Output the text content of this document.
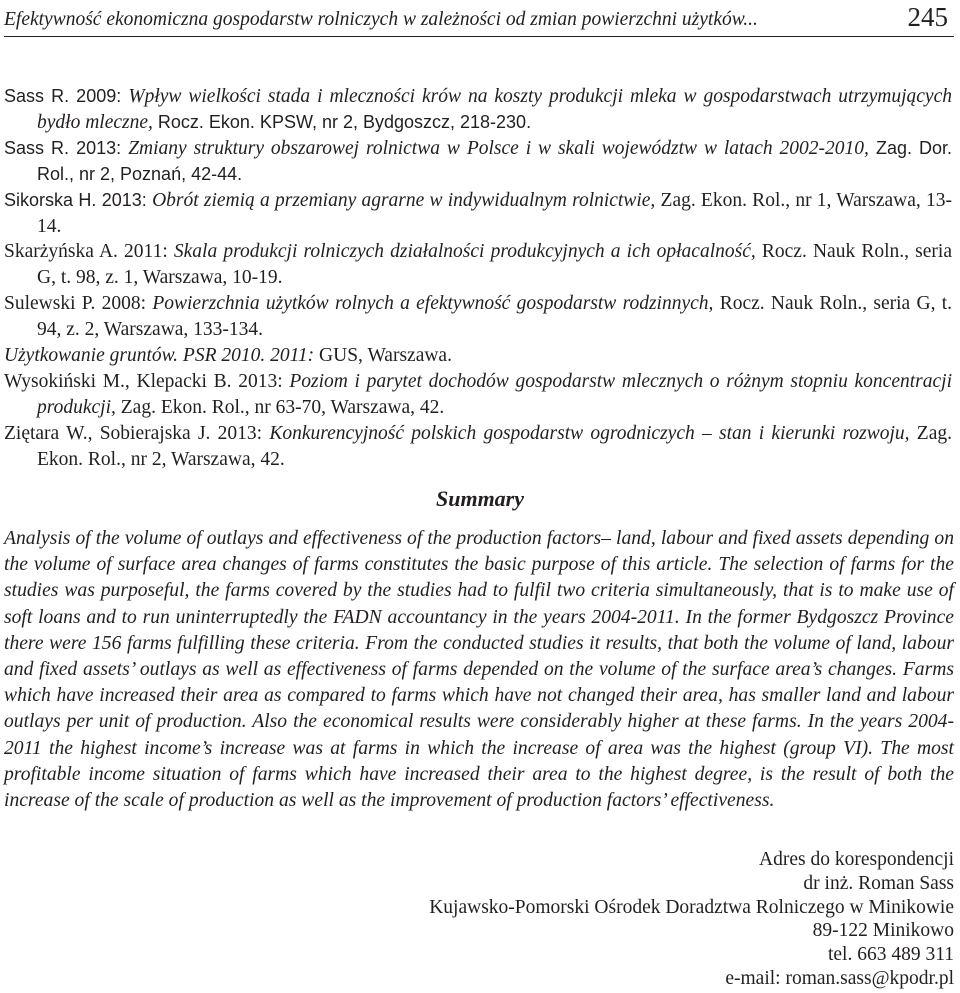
Efektywność ekonomiczna gospodarstw rolniczych w zależności od zmian powierzchni użytków...	245
Sass R. 2009: Wpływ wielkości stada i mleczności krów na koszty produkcji mleka w gospodarstwach utrzymujących bydło mleczne, Rocz. Ekon. KPSW, nr 2, Bydgoszcz, 218-230.
Sass R. 2013: Zmiany struktury obszarowej rolnictwa w Polsce i w skali województw w latach 2002-2010, Zag. Dor. Rol., nr 2, Poznań, 42-44.
Sikorska H. 2013: Obrót ziemią a przemiany agrarne w indywidualnym rolnictwie, Zag. Ekon. Rol., nr 1, Warszawa, 13-14.
Skarżyńska A. 2011: Skala produkcji rolniczych działalności produkcyjnych a ich opłacalność, Rocz. Nauk Roln., seria G, t. 98, z. 1, Warszawa, 10-19.
Sulewski P. 2008: Powierzchnia użytków rolnych a efektywność gospodarstw rodzinnych, Rocz. Nauk Roln., seria G, t. 94, z. 2, Warszawa, 133-134.
Użytkowanie gruntów. PSR 2010. 2011: GUS, Warszawa.
Wysokiński M., Klepacki B. 2013: Poziom i parytet dochodów gospodarstw mlecznych o różnym stopniu koncentracji produkcji, Zag. Ekon. Rol., nr 63-70, Warszawa, 42.
Ziętara W., Sobierajska J. 2013: Konkurencyjność polskich gospodarstw ogrodniczych – stan i kierunki rozwoju, Zag. Ekon. Rol., nr 2, Warszawa, 42.
Summary

Analysis of the volume of outlays and effectiveness of the production factors– land, labour and fixed assets depending on the volume of surface area changes of farms constitutes the basic purpose of this article. The selection of farms for the studies was purposeful, the farms covered by the studies had to fulfil two criteria simultaneously, that is to make use of soft loans and to run uninterruptedly the FADN accountancy in the years 2004-2011. In the former Bydgoszcz Province there were 156 farms fulfilling these criteria. From the conducted studies it results, that both the volume of land, labour and fixed assets’ outlays as well as effectiveness of farms depended on the volume of the surface area’s changes. Farms which have increased their area as compared to farms which have not changed their area, has smaller land and labour outlays per unit of production. Also the economical results were considerably higher at these farms. In the years 2004-2011 the highest income’s increase was at farms in which the increase of area was the highest (group VI). The most profitable income situation of farms which have increased their area to the highest degree, is the result of both the increase of the scale of production as well as the improvement of production factors’ effectiveness.

Adres do korespondencji
dr inż. Roman Sass
Kujawsko-Pomorski Ośrodek Doradztwa Rolniczego w Minikowie
89-122 Minikowo
tel. 663 489 311
e-mail: roman.sass@kpodr.pl
